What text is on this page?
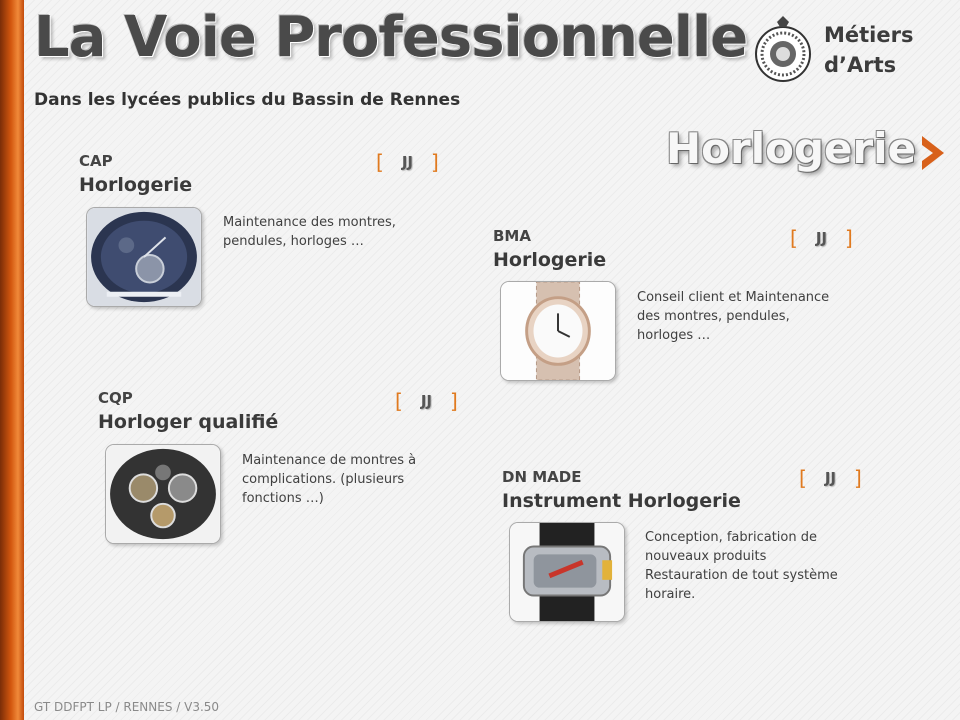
La Voie Professionnelle	Métiers
d’Arts
Dans les lycées publics du Bassin de Rennes
Horlogerie
CAP
Horlogerie
[ JJ ]
Maintenance des montres,
pendules, horloges …	BMA
Horlogerie
[ JJ ]
Conseil client et Maintenance
des montres, pendules,
horloges …
CQP
Horloger qualifié
[ JJ ]
Maintenance de montres à
complications. (plusieurs
fonctions …)
DN MADE
Instrument Horlogerie
[ JJ ]
Conception, fabrication de
nouveaux produits
Restauration de tout système
horaire.
GT DDFPT LP / RENNES / V3.50
